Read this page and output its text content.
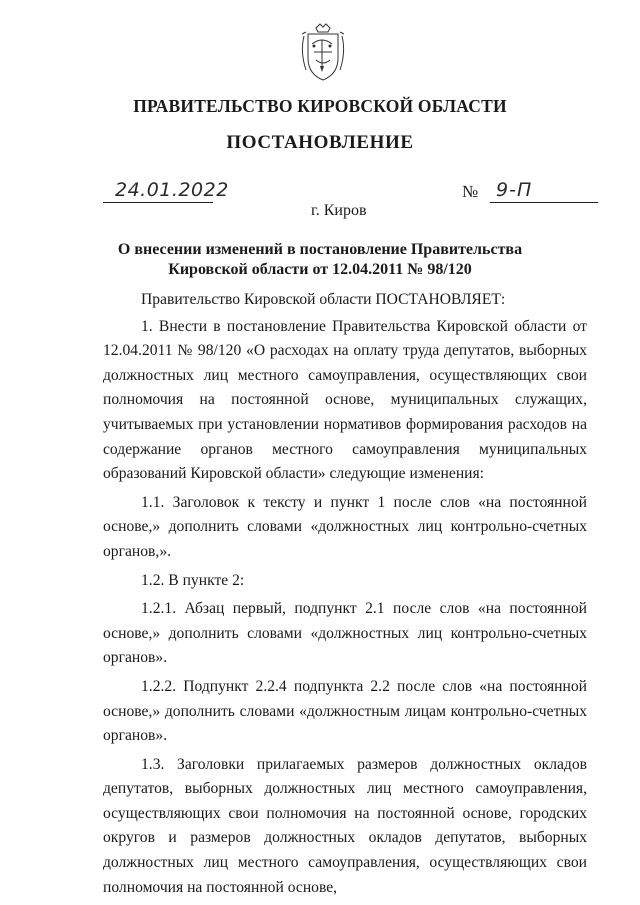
ПРАВИТЕЛЬСТВО КИРОВСКОЙ ОБЛАСТИ
ПОСТАНОВЛЕНИЕ
24.01.2022	№ 9-П
г. Киров
О внесении изменений в постановление Правительства
Кировской области от 12.04.2011 № 98/120

Правительство Кировской области ПОСТАНОВЛЯЕТ:

1. Внести в постановление Правительства Кировской области от 12.04.2011 № 98/120 «О расходах на оплату труда депутатов, выборных должностных лиц местного самоуправления, осуществляющих свои полномочия на постоянной основе, муниципальных служащих, учитываемых при установлении нормативов формирования расходов на содержание органов местного самоуправления муниципальных образований Кировской области» следующие изменения:

1.1. Заголовок к тексту и пункт 1 после слов «на постоянной основе,» дополнить словами «должностных лиц контрольно-счетных органов,».

1.2. В пункте 2:

1.2.1. Абзац первый, подпункт 2.1 после слов «на постоянной основе,» дополнить словами «должностных лиц контрольно-счетных органов».

1.2.2. Подпункт 2.2.4 подпункта 2.2 после слов «на постоянной основе,» дополнить словами «должностным лицам контрольно-счетных органов».

1.3. Заголовки прилагаемых размеров должностных окладов депутатов, выборных должностных лиц местного самоуправления, осуществляющих свои полномочия на постоянной основе, городских округов и размеров должностных окладов депутатов, выборных должностных лиц местного самоуправления, осуществляющих свои полномочия на постоянной основе,
